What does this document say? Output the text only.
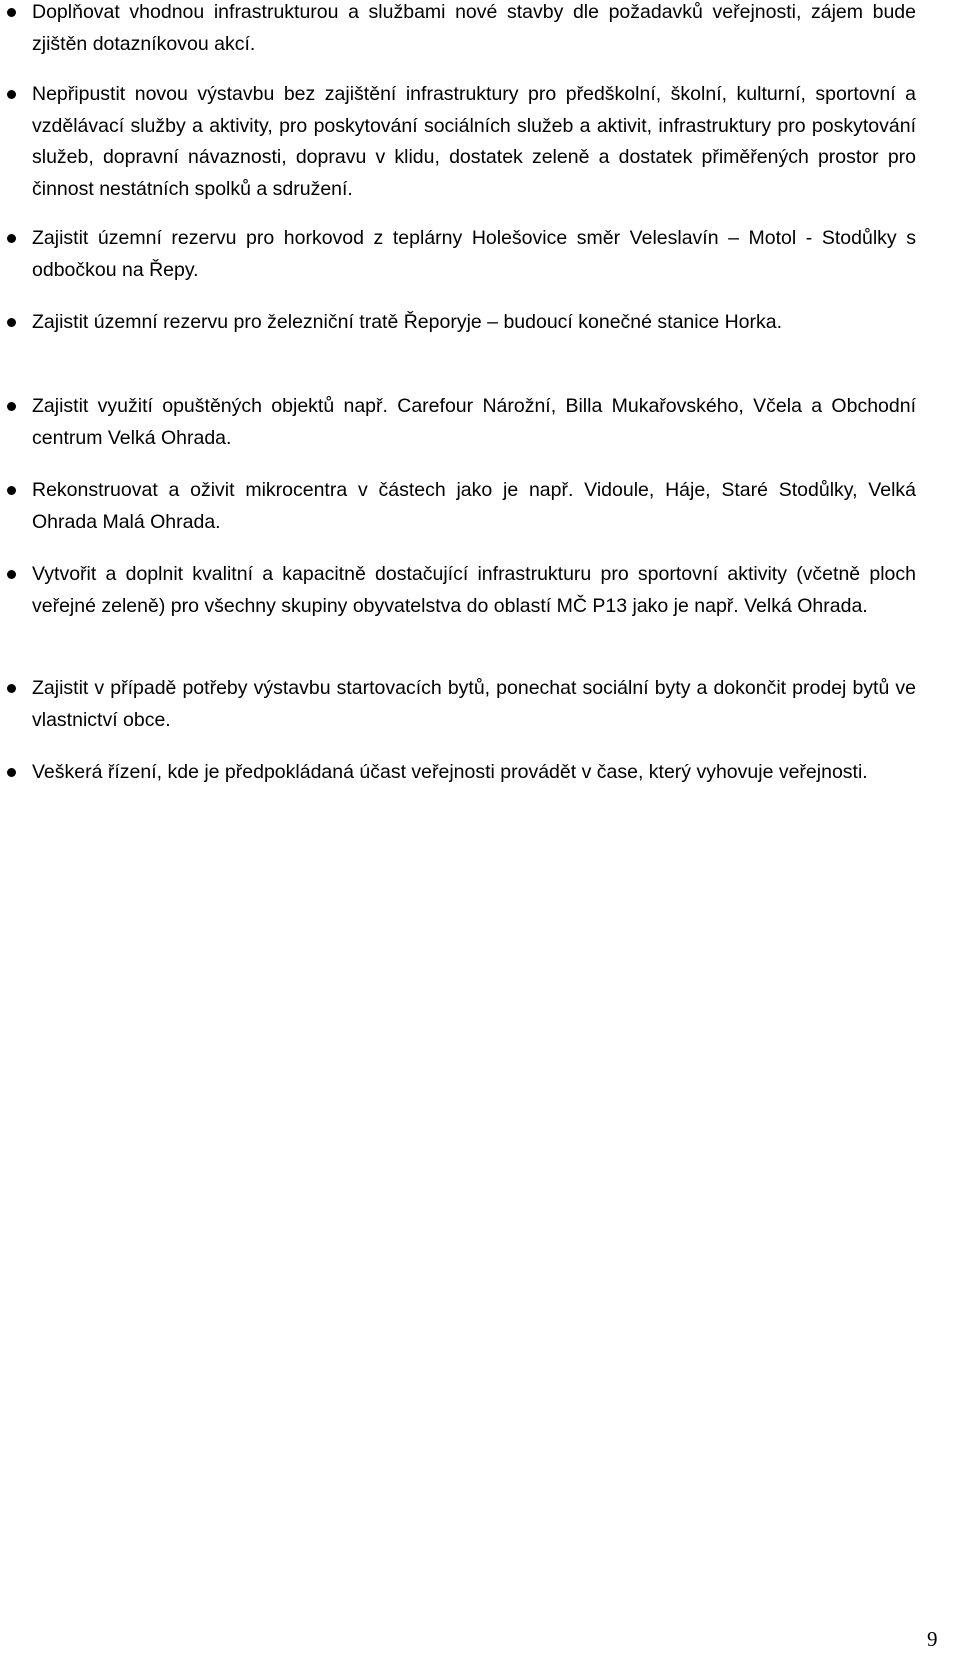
Doplňovat vhodnou infrastrukturou a službami nové stavby dle požadavků veřejnosti, zájem bude zjištěn dotazníkovou akcí.
Nepřipustit novou výstavbu bez zajištění infrastruktury pro předškolní, školní, kulturní, sportovní a vzdělávací služby a aktivity, pro poskytování sociálních služeb a aktivit, infrastruktury pro poskytování služeb, dopravní návaznosti, dopravu v klidu, dostatek zeleně a dostatek přiměřených prostor pro činnost nestátních spolků a sdružení.
Zajistit územní rezervu pro horkovod z teplárny Holešovice směr Veleslavín – Motol - Stodůlky s odbočkou na Řepy.
Zajistit územní rezervu pro železniční tratě Řeporyje – budoucí konečné stanice Horka.
Zajistit využití opuštěných objektů např. Carefour Nárožní, Billa Mukařovského, Včela a Obchodní centrum Velká Ohrada.
Rekonstruovat a oživit mikrocentra v částech jako je např. Vidoule, Háje, Staré Stodůlky, Velká Ohrada Malá Ohrada.
Vytvořit a doplnit kvalitní a kapacitně dostačující infrastrukturu pro sportovní aktivity (včetně ploch veřejné zeleně) pro všechny skupiny obyvatelstva do oblastí MČ P13 jako je např. Velká Ohrada.
Zajistit v případě potřeby výstavbu startovacích bytů, ponechat sociální byty a dokončit prodej bytů ve vlastnictví obce.
Veškerá řízení, kde je předpokládaná účast veřejnosti provádět v čase, který vyhovuje veřejnosti.
9
